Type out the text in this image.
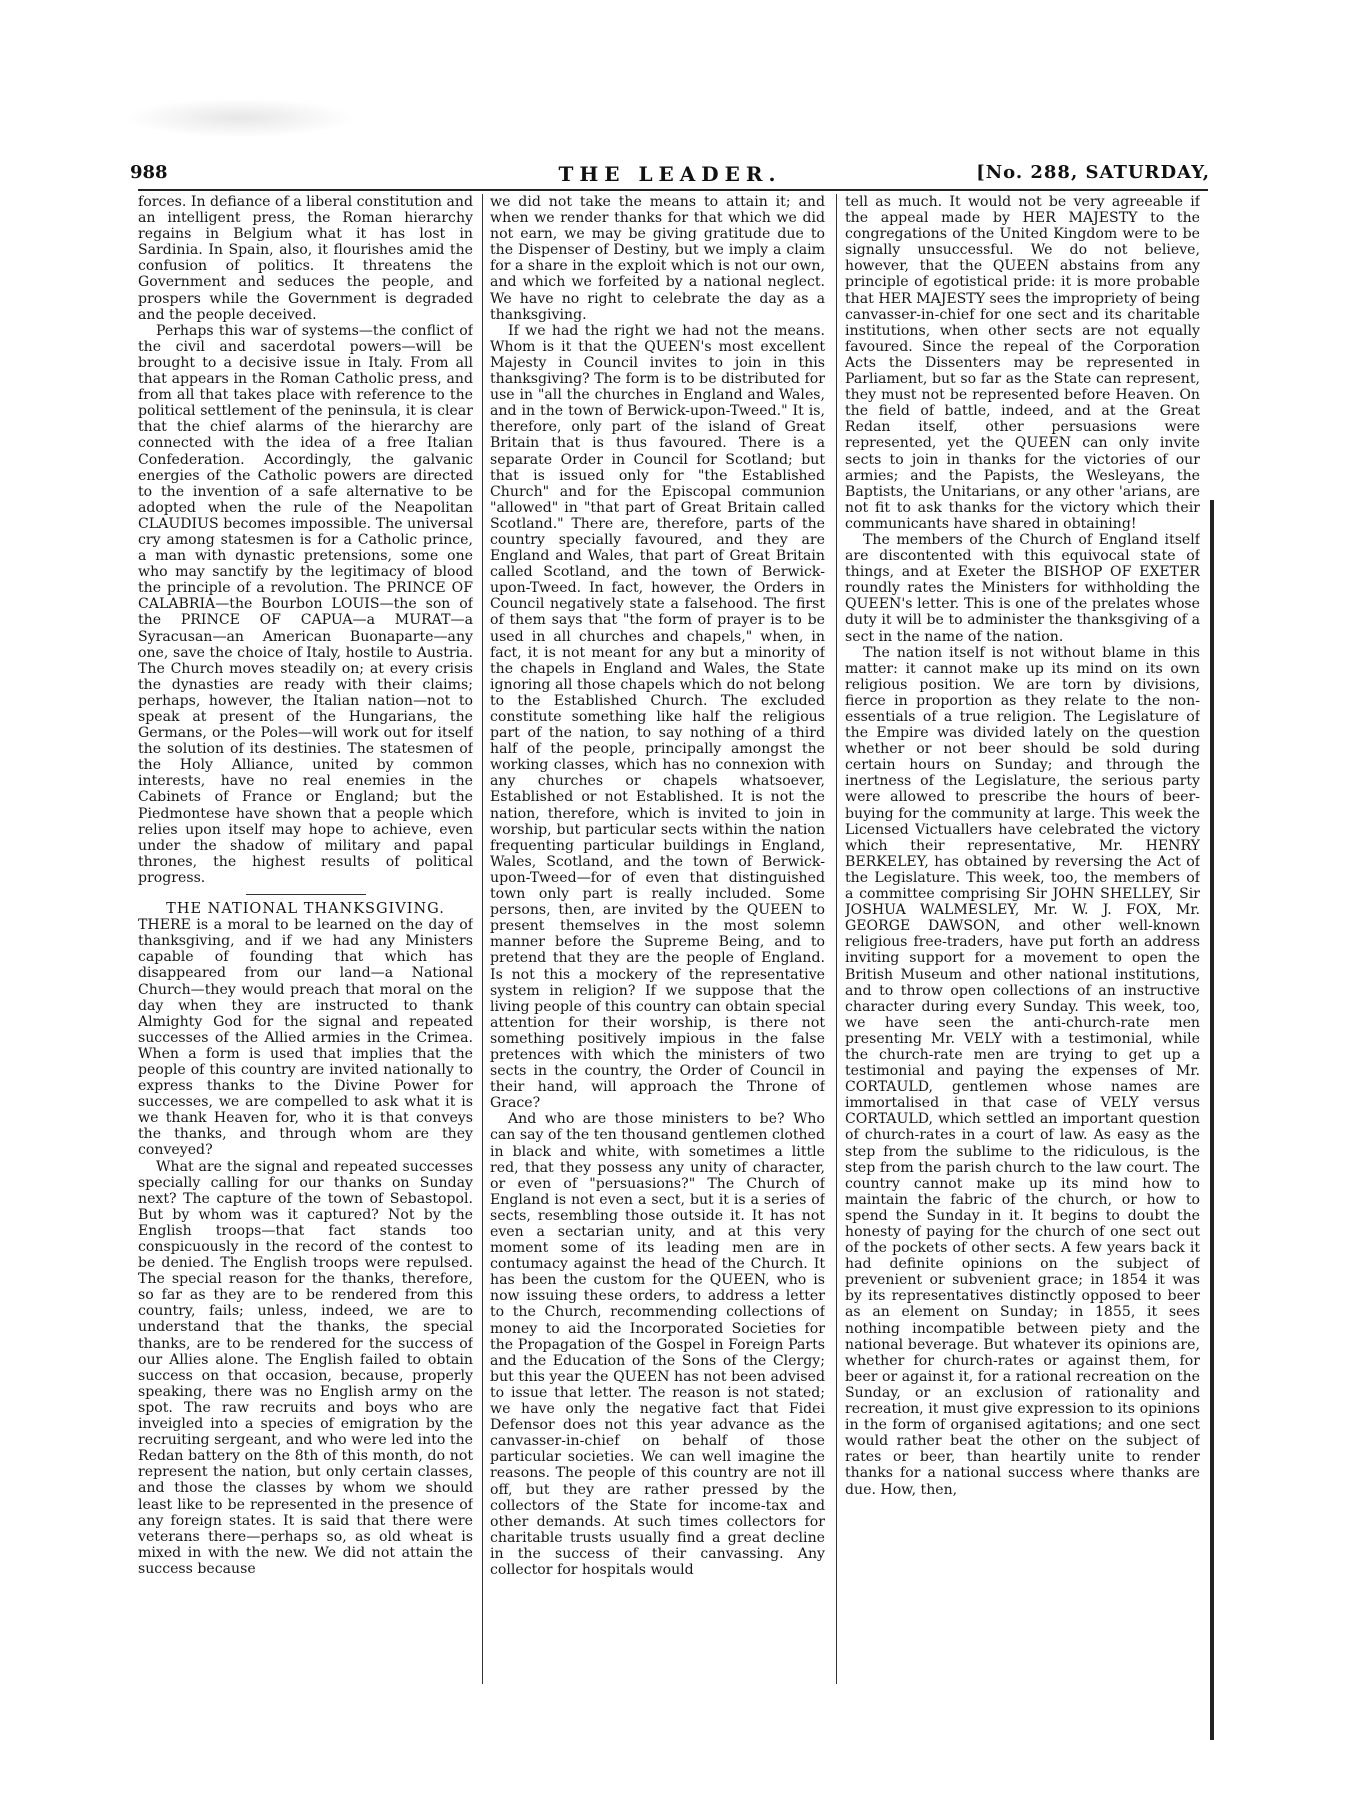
988	THE LEADER.	[No. 288, SATURDAY,

forces. In defiance of a liberal constitution and an intelligent press, the Roman hierarchy regains in Belgium what it has lost in Sardinia. In Spain, also, it flourishes amid the confusion of politics. It threatens the Government and seduces the people, and prospers while the Government is degraded and the people deceived.

Perhaps this war of systems—the conflict of the civil and sacerdotal powers—will be brought to a decisive issue in Italy. From all that appears in the Roman Catholic press, and from all that takes place with reference to the political settlement of the peninsula, it is clear that the chief alarms of the hierarchy are connected with the idea of a free Italian Confederation. Accordingly, the galvanic energies of the Catholic powers are directed to the invention of a safe alternative to be adopted when the rule of the Neapolitan CLAUDIUS becomes impossible. The universal cry among statesmen is for a Catholic prince, a man with dynastic pretensions, some one who may sanctify by the legitimacy of blood the principle of a revolution. The PRINCE OF CALABRIA—the Bourbon LOUIS—the son of the PRINCE OF CAPUA—a MURAT—a Syracusan—an American Buonaparte—any one, save the choice of Italy, hostile to Austria. The Church moves steadily on; at every crisis the dynasties are ready with their claims; perhaps, however, the Italian nation—not to speak at present of the Hungarians, the Germans, or the Poles—will work out for itself the solution of its destinies. The statesmen of the Holy Alliance, united by common interests, have no real enemies in the Cabinets of France or England; but the Piedmontese have shown that a people which relies upon itself may hope to achieve, even under the shadow of military and papal thrones, the highest results of political progress.

THE NATIONAL THANKSGIVING.

THERE is a moral to be learned on the day of thanksgiving, and if we had any Ministers capable of founding that which has disappeared from our land—a National Church—they would preach that moral on the day when they are instructed to thank Almighty God for the signal and repeated successes of the Allied armies in the Crimea. When a form is used that implies that the people of this country are invited nationally to express thanks to the Divine Power for successes, we are compelled to ask what it is we thank Heaven for, who it is that conveys the thanks, and through whom are they conveyed?

What are the signal and repeated successes specially calling for our thanks on Sunday next? The capture of the town of Sebastopol. But by whom was it captured? Not by the English troops—that fact stands too conspicuously in the record of the contest to be denied. The English troops were repulsed. The special reason for the thanks, therefore, so far as they are to be rendered from this country, fails; unless, indeed, we are to understand that the thanks, the special thanks, are to be rendered for the success of our Allies alone. The English failed to obtain success on that occasion, because, properly speaking, there was no English army on the spot. The raw recruits and boys who are inveigled into a species of emigration by the recruiting sergeant, and who were led into the Redan battery on the 8th of this month, do not represent the nation, but only certain classes, and those the classes by whom we should least like to be represented in the presence of any foreign states. It is said that there were veterans there—perhaps so, as old wheat is mixed in with the new. We did not attain the success because

we did not take the means to attain it; and when we render thanks for that which we did not earn, we may be giving gratitude due to the Dispenser of Destiny, but we imply a claim for a share in the exploit which is not our own, and which we forfeited by a national neglect. We have no right to celebrate the day as a thanksgiving.

If we had the right we had not the means. Whom is it that the QUEEN's most excellent Majesty in Council invites to join in this thanksgiving? The form is to be distributed for use in "all the churches in England and Wales, and in the town of Berwick-upon-Tweed." It is, therefore, only part of the island of Great Britain that is thus favoured. There is a separate Order in Council for Scotland; but that is issued only for "the Established Church" and for the Episcopal communion "allowed" in "that part of Great Britain called Scotland." There are, therefore, parts of the country specially favoured, and they are England and Wales, that part of Great Britain called Scotland, and the town of Berwick-upon-Tweed. In fact, however, the Orders in Council negatively state a falsehood. The first of them says that "the form of prayer is to be used in all churches and chapels," when, in fact, it is not meant for any but a minority of the chapels in England and Wales, the State ignoring all those chapels which do not belong to the Established Church. The excluded constitute something like half the religious part of the nation, to say nothing of a third half of the people, principally amongst the working classes, which has no connexion with any churches or chapels whatsoever, Established or not Established. It is not the nation, therefore, which is invited to join in worship, but particular sects within the nation frequenting particular buildings in England, Wales, Scotland, and the town of Berwick-upon-Tweed—for of even that distinguished town only part is really included. Some persons, then, are invited by the QUEEN to present themselves in the most solemn manner before the Supreme Being, and to pretend that they are the people of England. Is not this a mockery of the representative system in religion? If we suppose that the living people of this country can obtain special attention for their worship, is there not something positively impious in the false pretences with which the ministers of two sects in the country, the Order of Council in their hand, will approach the Throne of Grace?

And who are those ministers to be? Who can say of the ten thousand gentlemen clothed in black and white, with sometimes a little red, that they possess any unity of character, or even of "persuasions?" The Church of England is not even a sect, but it is a series of sects, resembling those outside it. It has not even a sectarian unity, and at this very moment some of its leading men are in contumacy against the head of the Church. It has been the custom for the QUEEN, who is now issuing these orders, to address a letter to the Church, recommending collections of money to aid the Incorporated Societies for the Propagation of the Gospel in Foreign Parts and the Education of the Sons of the Clergy; but this year the QUEEN has not been advised to issue that letter. The reason is not stated; we have only the negative fact that Fidei Defensor does not this year advance as the canvasser-in-chief on behalf of those particular societies. We can well imagine the reasons. The people of this country are not ill off, but they are rather pressed by the collectors of the State for income-tax and other demands. At such times collectors for charitable trusts usually find a great decline in the success of their canvassing. Any collector for hospitals would

tell as much. It would not be very agreeable if the appeal made by HER MAJESTY to the congregations of the United Kingdom were to be signally unsuccessful. We do not believe, however, that the QUEEN abstains from any principle of egotistical pride: it is more probable that HER MAJESTY sees the impropriety of being canvasser-in-chief for one sect and its charitable institutions, when other sects are not equally favoured. Since the repeal of the Corporation Acts the Dissenters may be represented in Parliament, but so far as the State can represent, they must not be represented before Heaven. On the field of battle, indeed, and at the Great Redan itself, other persuasions were represented, yet the QUEEN can only invite sects to join in thanks for the victories of our armies; and the Papists, the Wesleyans, the Baptists, the Unitarians, or any other 'arians, are not fit to ask thanks for the victory which their communicants have shared in obtaining!

The members of the Church of England itself are discontented with this equivocal state of things, and at Exeter the BISHOP OF EXETER roundly rates the Ministers for withholding the QUEEN's letter. This is one of the prelates whose duty it will be to administer the thanksgiving of a sect in the name of the nation.

The nation itself is not without blame in this matter: it cannot make up its mind on its own religious position. We are torn by divisions, fierce in proportion as they relate to the non-essentials of a true religion. The Legislature of the Empire was divided lately on the question whether or not beer should be sold during certain hours on Sunday; and through the inertness of the Legislature, the serious party were allowed to prescribe the hours of beer-buying for the community at large. This week the Licensed Victuallers have celebrated the victory which their representative, Mr. HENRY BERKELEY, has obtained by reversing the Act of the Legislature. This week, too, the members of a committee comprising Sir JOHN SHELLEY, Sir JOSHUA WALMESLEY, Mr. W. J. FOX, Mr. GEORGE DAWSON, and other well-known religious free-traders, have put forth an address inviting support for a movement to open the British Museum and other national institutions, and to throw open collections of an instructive character during every Sunday. This week, too, we have seen the anti-church-rate men presenting Mr. VELY with a testimonial, while the church-rate men are trying to get up a testimonial and paying the expenses of Mr. CORTAULD, gentlemen whose names are immortalised in that case of VELY versus CORTAULD, which settled an important question of church-rates in a court of law. As easy as the step from the sublime to the ridiculous, is the step from the parish church to the law court. The country cannot make up its mind how to maintain the fabric of the church, or how to spend the Sunday in it. It begins to doubt the honesty of paying for the church of one sect out of the pockets of other sects. A few years back it had definite opinions on the subject of prevenient or subvenient grace; in 1854 it was by its representatives distinctly opposed to beer as an element on Sunday; in 1855, it sees nothing incompatible between piety and the national beverage. But whatever its opinions are, whether for church-rates or against them, for beer or against it, for a rational recreation on the Sunday, or an exclusion of rationality and recreation, it must give expression to its opinions in the form of organised agitations; and one sect would rather beat the other on the subject of rates or beer, than heartily unite to render thanks for a national success where thanks are due. How, then,
